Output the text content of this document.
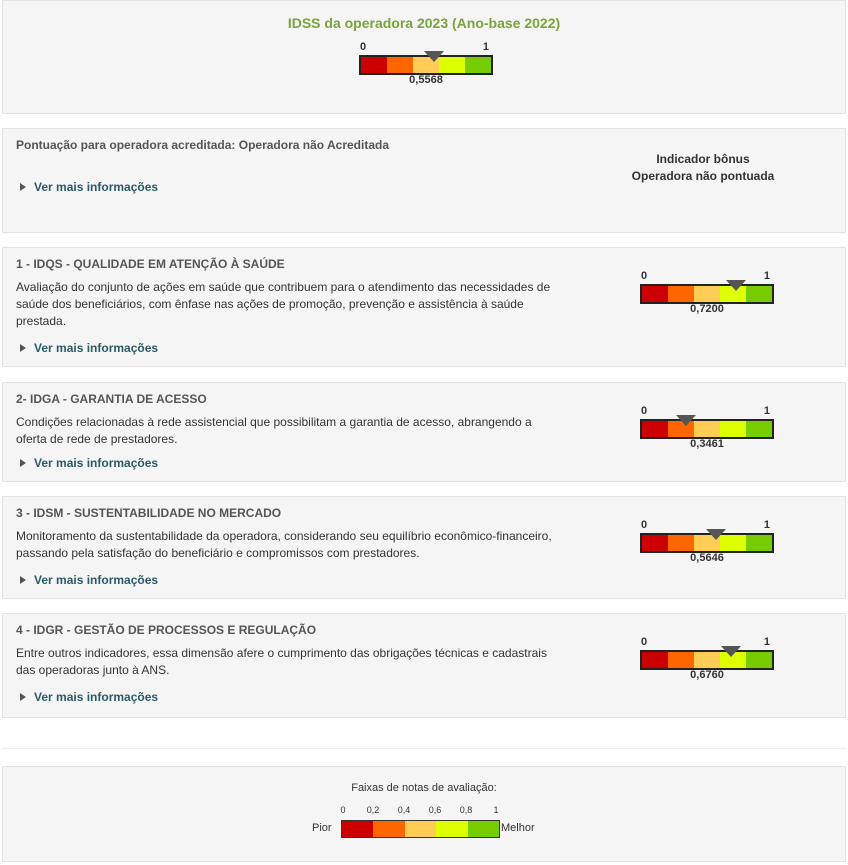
IDSS da operadora 2023 (Ano-base 2022)
0	1
0,5568
Pontuação para operadora acreditada: Operadora não Acreditada
Ver mais informações
Indicador bônus
Operadora não pontuada
1 - IDQS - QUALIDADE EM ATENÇÃO À SAÚDE
Avaliação do conjunto de ações em saúde que contribuem para o atendimento das necessidades de saúde dos beneficiários, com ênfase nas ações de promoção, prevenção e assistência à saúde prestada.
Ver mais informações
0	1
0,7200
2- IDGA - GARANTIA DE ACESSO
Condições relacionadas à rede assistencial que possibilitam a garantia de acesso, abrangendo a oferta de rede de prestadores.
Ver mais informações
0	1
0,3461
3 - IDSM - SUSTENTABILIDADE NO MERCADO
Monitoramento da sustentabilidade da operadora, considerando seu equilíbrio econômico-financeiro, passando pela satisfação do beneficiário e compromissos com prestadores.
Ver mais informações
0	1
0,5646
4 - IDGR - GESTÃO DE PROCESSOS E REGULAÇÃO
Entre outros indicadores, essa dimensão afere o cumprimento das obrigações técnicas e cadastrais das operadoras junto à ANS.
Ver mais informações
0	1
0,6760
Faixas de notas de avaliação:
0 0,2 0,4 0,6 0,8 1
Pior	Melhor
